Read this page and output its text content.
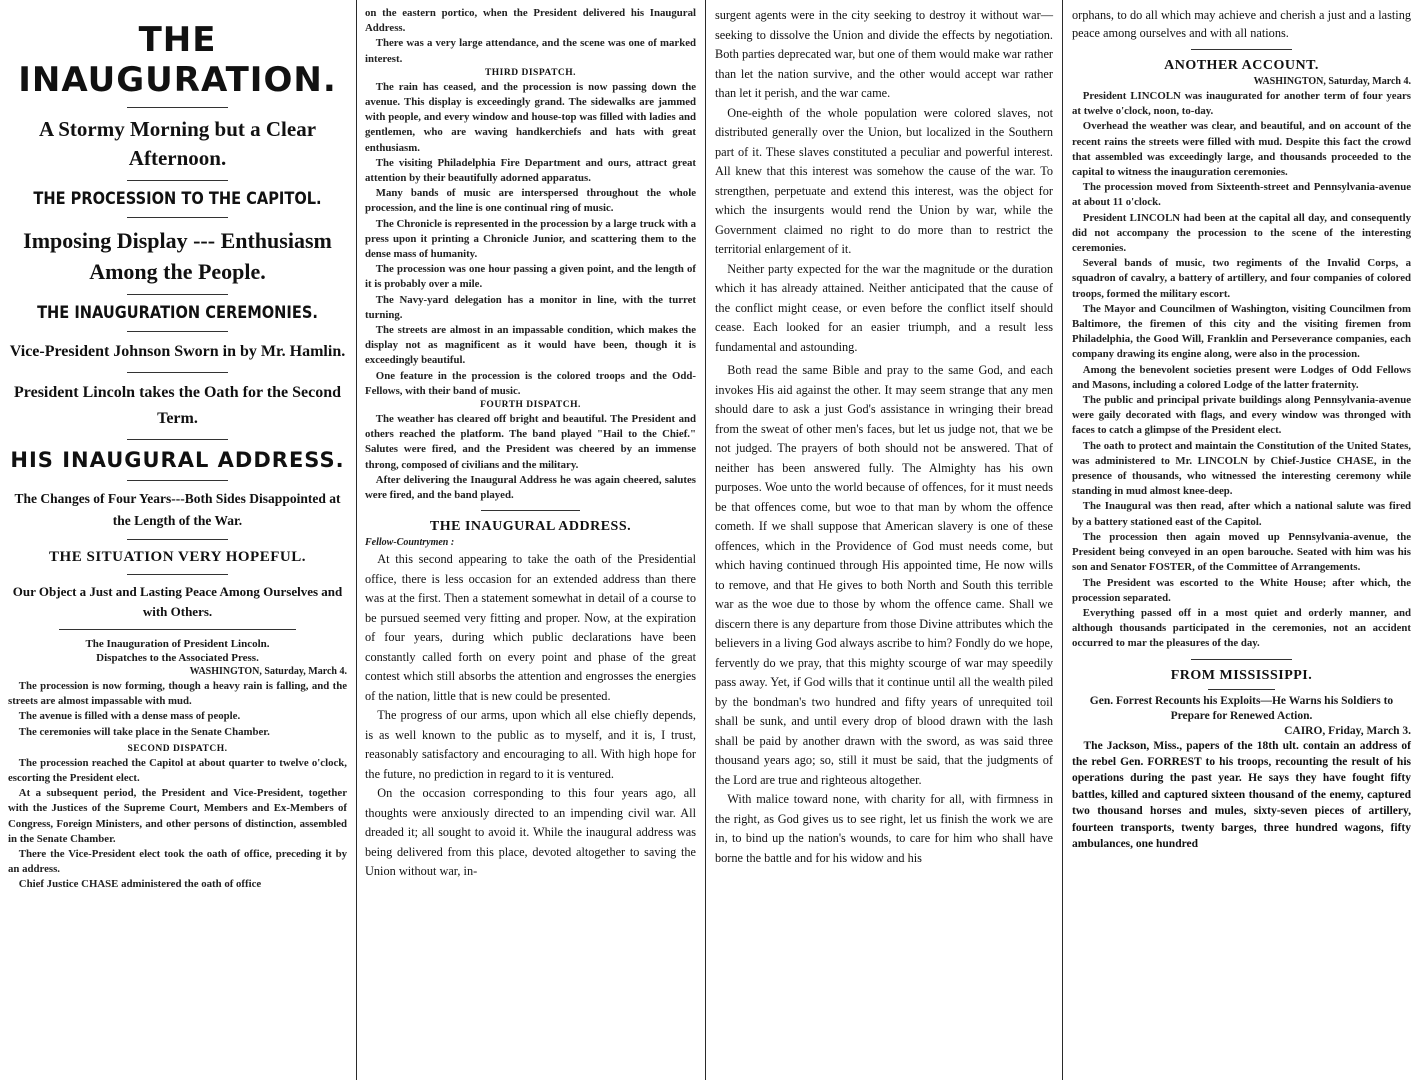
THE INAUGURATION.

A Stormy Morning but a Clear Afternoon.

THE PROCESSION TO THE CAPITOL.

Imposing Display --- Enthusiasm Among the People.

THE INAUGURATION CEREMONIES.

Vice-President Johnson Sworn in by Mr. Hamlin.

President Lincoln takes the Oath for the Second Term.

HIS INAUGURAL ADDRESS.

The Changes of Four Years---Both Sides Disappointed at the Length of the War.

THE SITUATION VERY HOPEFUL.

Our Object a Just and Lasting Peace Among Ourselves and with Others.

The Inauguration of President Lincoln.

Dispatches to the Associated Press.

WASHINGTON, Saturday, March 4.

The procession is now forming, though a heavy rain is falling, and the streets are almost impassable with mud.

The avenue is filled with a dense mass of people.

The ceremonies will take place in the Senate Chamber.

SECOND DISPATCH.

The procession reached the Capitol at about quarter to twelve o'clock, escorting the President elect.

At a subsequent period, the President and Vice-President, together with the Justices of the Supreme Court, Members and Ex-Members of Congress, Foreign Ministers, and other persons of distinction, assembled in the Senate Chamber.

There the Vice-President elect took the oath of office, preceding it by an address.

Chief Justice CHASE administered the oath of office

on the eastern portico, when the President delivered his Inaugural Address.

There was a very large attendance, and the scene was one of marked interest.

THIRD DISPATCH.

The rain has ceased, and the procession is now passing down the avenue. This display is exceedingly grand. The sidewalks are jammed with people, and every window and house-top was filled with ladies and gentlemen, who are waving handkerchiefs and hats with great enthusiasm.

The visiting Philadelphia Fire Department and ours, attract great attention by their beautifully adorned apparatus.

Many bands of music are interspersed throughout the whole procession, and the line is one continual ring of music.

The Chronicle is represented in the procession by a large truck with a press upon it printing a Chronicle Junior, and scattering them to the dense mass of humanity.

The procession was one hour passing a given point, and the length of it is probably over a mile.

The Navy-yard delegation has a monitor in line, with the turret turning.

The streets are almost in an impassable condition, which makes the display not as magnificent as it would have been, though it is exceedingly beautiful.

One feature in the procession is the colored troops and the Odd-Fellows, with their band of music.

FOURTH DISPATCH.

The weather has cleared off bright and beautiful. The President and others reached the platform. The band played "Hail to the Chief." Salutes were fired, and the President was cheered by an immense throng, composed of civilians and the military.

After delivering the Inaugural Address he was again cheered, salutes were fired, and the band played.

THE INAUGURAL ADDRESS.

Fellow-Countrymen :

At this second appearing to take the oath of the Presidential office, there is less occasion for an extended address than there was at the first. Then a statement somewhat in detail of a course to be pursued seemed very fitting and proper. Now, at the expiration of four years, during which public declarations have been constantly called forth on every point and phase of the great contest which still absorbs the attention and engrosses the energies of the nation, little that is new could be presented.

The progress of our arms, upon which all else chiefly depends, is as well known to the public as to myself, and it is, I trust, reasonably satisfactory and encouraging to all. With high hope for the future, no prediction in regard to it is ventured.

On the occasion corresponding to this four years ago, all thoughts were anxiously directed to an impending civil war. All dreaded it; all sought to avoid it. While the inaugural address was being delivered from this place, devoted altogether to saving the Union without war, in-

surgent agents were in the city seeking to destroy it without war—seeking to dissolve the Union and divide the effects by negotiation. Both parties deprecated war, but one of them would make war rather than let the nation survive, and the other would accept war rather than let it perish, and the war came.

One-eighth of the whole population were colored slaves, not distributed generally over the Union, but localized in the Southern part of it. These slaves constituted a peculiar and powerful interest. All knew that this interest was somehow the cause of the war. To strengthen, perpetuate and extend this interest, was the object for which the insurgents would rend the Union by war, while the Government claimed no right to do more than to restrict the territorial enlargement of it.

Neither party expected for the war the magnitude or the duration which it has already attained. Neither anticipated that the cause of the conflict might cease, or even before the conflict itself should cease. Each looked for an easier triumph, and a result less fundamental and astounding.

Both read the same Bible and pray to the same God, and each invokes His aid against the other. It may seem strange that any men should dare to ask a just God's assistance in wringing their bread from the sweat of other men's faces, but let us judge not, that we be not judged. The prayers of both should not be answered. That of neither has been answered fully. The Almighty has his own purposes. Woe unto the world because of offences, for it must needs be that offences come, but woe to that man by whom the offence cometh. If we shall suppose that American slavery is one of these offences, which in the Providence of God must needs come, but which having continued through His appointed time, He now wills to remove, and that He gives to both North and South this terrible war as the woe due to those by whom the offence came. Shall we discern there is any departure from those Divine attributes which the believers in a living God always ascribe to him? Fondly do we hope, fervently do we pray, that this mighty scourge of war may speedily pass away. Yet, if God wills that it continue until all the wealth piled by the bondman's two hundred and fifty years of unrequited toil shall be sunk, and until every drop of blood drawn with the lash shall be paid by another drawn with the sword, as was said three thousand years ago; so, still it must be said, that the judgments of the Lord are true and righteous altogether.

With malice toward none, with charity for all, with firmness in the right, as God gives us to see right, let us finish the work we are in, to bind up the nation's wounds, to care for him who shall have borne the battle and for his widow and his

orphans, to do all which may achieve and cherish a just and a lasting peace among ourselves and with all nations.

ANOTHER ACCOUNT.

WASHINGTON, Saturday, March 4.

President LINCOLN was inaugurated for another term of four years at twelve o'clock, noon, to-day.

Overhead the weather was clear, and beautiful, and on account of the recent rains the streets were filled with mud. Despite this fact the crowd that assembled was exceedingly large, and thousands proceeded to the capital to witness the inauguration ceremonies.

The procession moved from Sixteenth-street and Pennsylvania-avenue at about 11 o'clock.

President LINCOLN had been at the capital all day, and consequently did not accompany the procession to the scene of the interesting ceremonies.

Several bands of music, two regiments of the Invalid Corps, a squadron of cavalry, a battery of artillery, and four companies of colored troops, formed the military escort.

The Mayor and Councilmen of Washington, visiting Councilmen from Baltimore, the firemen of this city and the visiting firemen from Philadelphia, the Good Will, Franklin and Perseverance companies, each company drawing its engine along, were also in the procession.

Among the benevolent societies present were Lodges of Odd Fellows and Masons, including a colored Lodge of the latter fraternity.

The public and principal private buildings along Pennsylvania-avenue were gaily decorated with flags, and every window was thronged with faces to catch a glimpse of the President elect.

The oath to protect and maintain the Constitution of the United States, was administered to Mr. LINCOLN by Chief-Justice CHASE, in the presence of thousands, who witnessed the interesting ceremony while standing in mud almost knee-deep.

The Inaugural was then read, after which a national salute was fired by a battery stationed east of the Capitol.

The procession then again moved up Pennsylvania-avenue, the President being conveyed in an open barouche. Seated with him was his son and Senator FOSTER, of the Committee of Arrangements.

The President was escorted to the White House; after which, the procession separated.

Everything passed off in a most quiet and orderly manner, and although thousands participated in the ceremonies, not an accident occurred to mar the pleasures of the day.

FROM MISSISSIPPI.

Gen. Forrest Recounts his Exploits—He Warns his Soldiers to Prepare for Renewed Action.

CAIRO, Friday, March 3.

The Jackson, Miss., papers of the 18th ult. contain an address of the rebel Gen. FORREST to his troops, recounting the result of his operations during the past year. He says they have fought fifty battles, killed and captured sixteen thousand of the enemy, captured two thousand horses and mules, sixty-seven pieces of artillery, fourteen transports, twenty barges, three hundred wagons, fifty ambulances, one hundred
